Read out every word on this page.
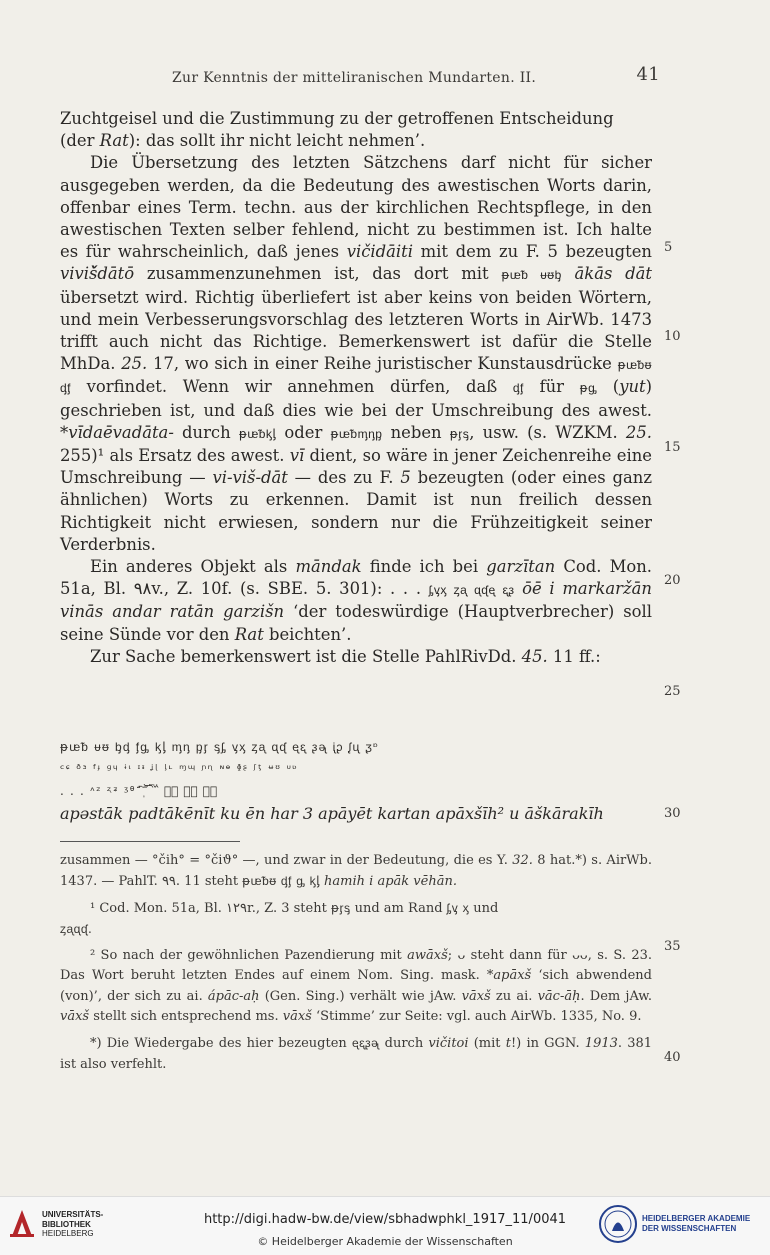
Zur Kenntnis der mitteliranischen Mundarten. II.	41
5
10
15
20
25
30
35
40

Zuchtgeisel und die Zustimmung zu der getroffenen Entscheidung
(der Rat): das sollt ihr nicht leicht nehmen’.

Die Übersetzung des letzten Sätzchens darf nicht für sicher ausgegeben werden, da die Bedeutung des awestischen Worts darin, offenbar eines Term. techn. aus der kirchlichen Rechtspflege, in den awestischen Texten selber fehlend, nicht zu bestimmen ist. Ich halte es für wahrscheinlich, daß jenes vičidāiti mit dem zu F. 5 bezeugten viviš̌dātō zusammenzunehmen ist, das dort mit ᵽᵫᵬ ᵾᵿᶀ ākās dāt übersetzt wird. Richtig überliefert ist aber keins von beiden Wörtern, und mein Verbesserungsvorschlag des letzteren Worts in AirWb. 1473 trifft auch nicht das Richtige. Bemerkenswert ist dafür die Stelle MhDa. 25. 17, wo sich in einer Reihe juristischer Kunstausdrücke ᵽᵫᵬᵿ ᶁᶂ vorfindet. Wenn wir annehmen dürfen, daß ᶁᶂ für ᵽᶃ (yut) geschrieben ist, und daß dies wie bei der Umschreibung des awest. *vīdaēvadāta- durch ᵽᵫᵬᶄᶅ oder ᵽᵫᵬᶆᶇᶈ neben ᵽᶉᶊ, usw. (s. WZKM. 25. 255)¹ als Ersatz des awest. vī dient, so wäre in jener Zeichenreihe eine Umschreibung — vi-viš-dāt — des zu F. 5 bezeugten (oder eines ganz ähnlichen) Worts zu erkennen. Damit ist nun freilich dessen Richtigkeit nicht erwiesen, sondern nur die Frühzeitigkeit seiner Verderbnis.

Ein anderes Objekt als māndak finde ich bei garzītan Cod. Mon. 51a, Bl. ۹۸v., Z. 10f. (s. SBE. 5. 301): . . . ᶋᶌᶍ ᶎᶏ ᶐᶑᶒ ᶓᶔ ōē i markaržān vinās andar ratān garzišn ‘der todeswürdige (Hauptverbrecher) soll seine Sünde vor den Rat beichten’.

Zur Sache bemerkenswert ist die Stelle PahlRivDd. 45. 11 ff.:

ᵽᵫᵬ ᵾᵿ ᶀᶁ ᶂᶃ ᶄᶅ ᶆᶇ ᶈᶉ ᶊᶋ ᶌᶍ ᶎᶏ ᶐᶑ ᶒᶓ ᶔᶕ ᶖᶗ ᶘᶙ ᶚᶛ
ᶜᶝ ᶞᶟ ᶠᶡ ᶢᶣ ᶤᶥ ᶦᶧ ᶨᶩ ᶪᶫ ᶬᶭ ᶮᶯ ᶰᶱ ᶲᶳ ᶴᶵ ᶶᶷ ᶸᶹ
. . . ᶺᶻ ᶼᶽ ᶾᶿ ᷀᷁ ᷂᷃ ᷄᷅ ᷆᷇ ᷈᷉ ᷊᷋ ᷌᷍ ᷎᷏
apəstāk padtākēnīt ku ēn har 3 apāyēt kartan apāxšīh² u āškārakīh

zusammen — °čih° = °čiϑ° —, und zwar in der Bedeutung, die es Y. 32. 8 hat.*) s. AirWb. 1437. — PahlT. ۹۹. 11 steht ᵽᵫᵬᵿ ᶁᶂ ᶃ ᶄᶅ hamih i apāk vēhān.

¹ Cod. Mon. 51a, Bl. ۱۲۹r., Z. 3 steht ᵽᶉᶊ und am Rand ᶋᶌ ᶍ und
ᶎᶏᶐᶑ.

² So nach der gewöhnlichen Pazendierung mit awāxš; ᴗ steht dann für ᴗᴗ, s. S. 23. Das Wort beruht letzten Endes auf einem Nom. Sing. mask. *apāxš ‘sich abwendend (von)’, der sich zu ai. ápāc-aḥ (Gen. Sing.) verhält wie jAw. vāxš zu ai. vāc-āḥ. Dem jAw. vāxš stellt sich entsprechend ms. vāxš ‘Stimme’ zur Seite: vgl. auch AirWb. 1335, No. 9.

*) Die Wiedergabe des hier bezeugten ᶒᶓᶔᶕ durch vičitoi (mit t!) in GGN. 1913. 381 ist also verfehlt.

UNIVERSITÄTS-
BIBLIOTHEK
HEIDELBERG
http://digi.hadw-bw.de/view/sbhadwphkl_1917_11/0041
© Heidelberger Akademie der Wissenschaften
HEIDELBERGER AKADEMIE
DER WISSENSCHAFTEN
